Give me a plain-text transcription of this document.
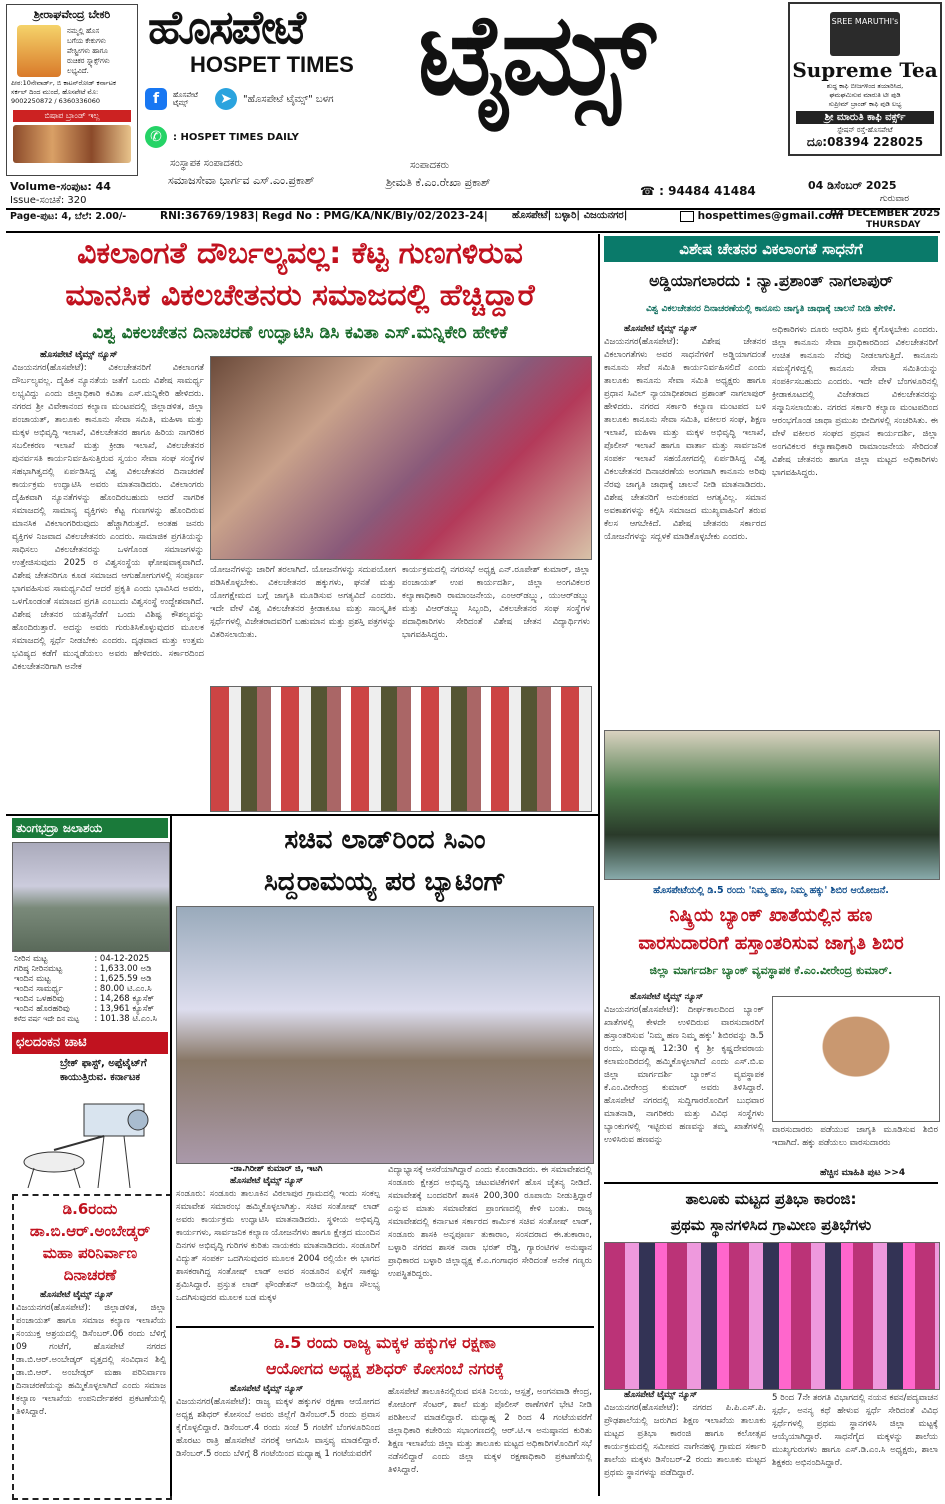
ಶ್ರೀರಾಘವೇಂದ್ರ ಬೇಕರಿ
ನಮ್ಮಲ್ಲಿ ಹೊಸ
ಬಗೆಯ ಕೇಕುಗಳು
ಪೇಸ್ಟ್ರೀಗಳು ಹಾಗೂ
ರುಚಿಕರ ಸ್ನ್ಯಾಕ್ಸ್‌ಗಳು ಲಭ್ಯವಿದೆ.
ಪೀಠ:10ನೇವಾರ್ಡ್, ಬಿ ಕಾಟನ್‌ರೋಡ್ ಕರ್ನಾಟಕ ಸರ್ಕಲ್ ದಿಂದ ಮುಂದೆ, ಹೊಸಪೇಟೆ ಮೊ: 9002250872 / 6360336060
ಬಿಷಾಪ ಬ್ರಾಂಡ್ ಇಲ್ಲ
ಹೊಸಪೇಟೆ
HOSPET TIMES ಟೈಮ್ಸ್
f	ಹೊಸಪೇಟೆ ಟೈಮ್ಸ್	➤	"ಹೊಸಪೇಟೆ ಟೈಮ್ಸ್" ಬಳಗ
✆	: HOSPET TIMES DAILY
ಸಂಸ್ಥಾಪಕ ಸಂಪಾದಕರು
ಸಮಾಜಸೇವಾ ಭಾರ್ಗವ ಎಸ್.ಎಂ.ಪ್ರಕಾಶ್
ಸಂಪಾದಕರು
ಶ್ರೀಮತಿ ಕೆ.ಎಂ.ರೇಖಾ ಪ್ರಕಾಶ್
☎ : 94484 41484
SREE MARUTHI's
Supreme Tea
ಶುದ್ಧ ಕಾಫಿ ಬೀಜಗಳಿಂದ ತಯಾರಿಸಿದ,
ಘಮಘಮಿಸುವ ಮಾರುತಿ ಟೀ ಪುಡಿ
ಸುಪ್ರೀಮ್ ಬ್ರಾಂಡ್ ಕಾಫಿ ಪುಡಿ ಲಭ್ಯ
ಶ್ರೀ ಮಾರುತಿ ಕಾಫಿ ವರ್ಕ್ಸ್
ಸ್ಟೇಷನ್ ರಸ್ತೆ-ಹೊಸಪೇಟೆ
ದೂ:08394 228025
04 ಡಿಸೆಂಬರ್ 2025
ಗುರುವಾರ
Volume-ಸಂಪುಟ: 44
Issue-ಸಂಚಿಕೆ: 320
Page-ಪುಟ: 4, ಬೆಲೆ: 2.00/-	RNI:36769/1983| Regd No : PMG/KA/NK/Bly/02/2023-24| ಹೊಸಪೇಟೆ| ಬಳ್ಳಾರಿ| ವಿಜಯನಗರ|	hospettimes@gmail.com
04 DECEMBER 2025
THURSDAY
ವಿಕಲಾಂಗತೆ ದೌರ್ಬಲ್ಯವಲ್ಲ: ಕೆಟ್ಟ ಗುಣಗಳಿರುವ
ಮಾನಸಿಕ ವಿಕಲಚೇತನರು ಸಮಾಜದಲ್ಲಿ ಹೆಚ್ಚಿದ್ದಾರೆ
ವಿಶ್ವ ವಿಕಲಚೇತನ ದಿನಾಚರಣೆ ಉದ್ಘಾಟಿಸಿ ಡಿಸಿ ಕವಿತಾ ಎಸ್.ಮನ್ನಿಕೇರಿ ಹೇಳಿಕೆ
ಹೊಸಪೇಟೆ ಟೈಮ್ಸ್ ನ್ಯೂಸ್
ವಿಜಯನಗರ(ಹೊಸಪೇಟೆ): ವಿಕಲಚೇತನರಿಗೆ ವಿಕಲಾಂಗತೆ ದೌರ್ಬಲ್ಯವಲ್ಲ. ದೈಹಿಕ ನ್ಯೂನತೆಯ ಜತೆಗೆ ಒಂದು ವಿಶೇಷ ಸಾಮರ್ಥ್ಯ ಲಭ್ಯವಿದ್ದು ಎಂದು ಜಿಲ್ಲಾಧಿಕಾರಿ ಕವಿತಾ ಎಸ್.ಮನ್ನಿಕೇರಿ ಹೇಳಿದರು. ನಗರದ ಶ್ರೀ ವಿವೇಕಾನಂದ ಕಲ್ಯಾಣ ಮಂಟಪದಲ್ಲಿ ಜಿಲ್ಲಾಡಳಿತ, ಜಿಲ್ಲಾ ಪಂಚಾಯತ್, ತಾಲೂಕು ಕಾನೂನು ಸೇವಾ ಸಮಿತಿ, ಮಹಿಳಾ ಮತ್ತು ಮಕ್ಕಳ ಅಭಿವೃದ್ಧಿ ಇಲಾಖೆ, ವಿಕಲಚೇತನರ ಹಾಗೂ ಹಿರಿಯ ನಾಗರಿಕರ ಸಬಲೀಕರಣ ಇಲಾಖೆ ಮತ್ತು ಕ್ರೀಡಾ ಇಲಾಖೆ, ವಿಕಲಚೇತನರ ಪುನರ್ವಸತಿ ಕಾರ್ಯನಿರ್ವಹಿಸುತ್ತಿರುವ ಸ್ವಯಂ ಸೇವಾ ಸಂಘ ಸಂಸ್ಥೆಗಳ ಸಹಭಾಗಿತ್ವದಲ್ಲಿ ಏರ್ಪಡಿಸಿದ್ದ ವಿಶ್ವ ವಿಕಲಚೇತನರ ದಿನಾಚರಣೆ ಕಾರ್ಯಕ್ರಮ ಉದ್ಘಾಟಿಸಿ ಅವರು ಮಾತನಾಡಿದರು. ವಿಕಲಾಂಗರು ದೈಹಿಕವಾಗಿ ನ್ಯೂನತೆಗಳನ್ನು ಹೊಂದಿರಬಹುದು ಆದರೆ ನಾಗರಿಕ ಸಮಾಜದಲ್ಲಿ ಸಾಮಾನ್ಯ ವ್ಯಕ್ತಿಗಳು ಕೆಟ್ಟ ಗುಣಗಳನ್ನು ಹೊಂದಿರುವ ಮಾನಸಿಕ ವಿಕಲಾಂಗರಿರುವುದು ಹೆಚ್ಚಾಗಿರುತ್ತದೆ. ಅಂತಹ ಜನರು ವ್ಯಕ್ತಿಗಳ ನಿಜವಾದ ವಿಕಲಚೇತನರು ಎಂದರು. ಸಾಮಾಜಿಕ ಪ್ರಗತಿಯನ್ನು ಸಾಧಿಸಲು ವಿಕಲಚೇತನರನ್ನು ಒಳಗೊಂಡ ಸಮಾಜಗಳನ್ನು ಉತ್ತೇಜಿಸುವುದು 2025 ರ ವಿಶ್ವಸಂಸ್ಥೆಯ ಘೋಷವಾಕ್ಯವಾಗಿದೆ. ವಿಶೇಷ ಚೇತನರಿಗೂ ಕೂಡ ಸಮಾಜದ ಆಗುಹೋಗುಗಳಲ್ಲಿ ಸಂಪೂರ್ಣ ಭಾಗವಹಿಸುವ ಸಾಮರ್ಥ್ಯವಿದೆ ಆದರೆ ಪ್ರಕೃತಿ ಎಂದು ಭಾವಿಸಿದ ಅವರು, ಒಳಗೊಂಡಂತೆ ಸಮಾಜದ ಪ್ರಗತಿ ಎಂಬುದು ವಿಶ್ವಸಂಸ್ಥೆ ಉದ್ದೇಶವಾಗಿದೆ. ವಿಶೇಷ ಚೇತನರ ಯಶಸ್ಸಿನೆಡೆಗೆ ಒಂದು ವಿಶಿಷ್ಟ ಕೌಶಲ್ಯವನ್ನು ಹೊಂದಿರುತ್ತಾರೆ. ಅದನ್ನು ಅವರು ಗುರುತಿಸಿಕೊಳ್ಳುವುದರ ಮೂಲಕ ಸಮಾಜದಲ್ಲಿ ಸ್ಪರ್ಧೆ ನೀಡಬೇಕು ಎಂದರು. ದೃಢವಾದ ಮತ್ತು ಉತ್ತಮ ಭವಿಷ್ಯದ ಕಡೆಗೆ ಮುನ್ನಡೆಯಲು ಅವರು ಹೇಳಿದರು. ಸರ್ಕಾರದಿಂದ ವಿಕಲಚೇತನರಿಗಾಗಿ ಅನೇಕ
ಯೋಜನೆಗಳನ್ನು ಜಾರಿಗೆ ತರಲಾಗಿದೆ. ಯೋಜನೆಗಳನ್ನು ಸದುಪಯೋಗ ಪಡಿಸಿಕೊಳ್ಳಬೇಕು. ವಿಕಲಚೇತನರ ಹಕ್ಕುಗಳು, ಘನತೆ ಮತ್ತು ಯೋಗಕ್ಷೇಮದ ಬಗ್ಗೆ ಜಾಗೃತಿ ಮೂಡಿಸುವ ಅಗತ್ಯವಿದೆ ಎಂದರು. ಇದೇ ವೇಳೆ ವಿಶ್ವ ವಿಕಲಚೇತನರ ಕ್ರೀಡಾಕೂಟ ಮತ್ತು ಸಾಂಸ್ಕೃತಿಕ ಸ್ಪರ್ಧೆಗಳಲ್ಲಿ ವಿಜೇತರಾದವರಿಗೆ ಬಹುಮಾನ ಮತ್ತು ಪ್ರಶಸ್ತಿ ಪತ್ರಗಳನ್ನು ವಿತರಿಸಲಾಯಿತು.
ಕಾರ್ಯಕ್ರಮದಲ್ಲಿ ನಗರಸಭೆ ಅಧ್ಯಕ್ಷ ಎನ್.ರೂಪೇಶ್ ಕುಮಾರ್, ಜಿಲ್ಲಾ ಪಂಚಾಯತ್ ಉಪ ಕಾರ್ಯದರ್ಶಿ, ಜಿಲ್ಲಾ ಅಂಗವಿಕಲರ ಕಲ್ಯಾಣಾಧಿಕಾರಿ ರಾಮಾಂಜನೇಯ, ಎಂಆರ್‌ಡಬ್ಲ್ಯು, ಯುಆರ್‌ಡಬ್ಲ್ಯು ಮತ್ತು ವಿಆರ್‌ಡಬ್ಲ್ಯು ಸಿಬ್ಬಂದಿ, ವಿಕಲಚೇತನರ ಸಂಘ ಸಂಸ್ಥೆಗಳ ಪದಾಧಿಕಾರಿಗಳು ಸೇರಿದಂತೆ ವಿಶೇಷ ಚೇತನ ವಿದ್ಯಾರ್ಥಿಗಳು ಭಾಗವಹಿಸಿದ್ದರು.
ವಿಶೇಷ ಚೇತನರ ವಿಕಲಾಂಗತೆ ಸಾಧನೆಗೆ
ಅಡ್ಡಿಯಾಗಲಾರದು : ನ್ಯಾ.ಪ್ರಶಾಂತ್ ನಾಗಲಾಪುರ್
ವಿಶ್ವ ವಿಕಲಚೇತನರ ದಿನಾಚರಣೆಯಲ್ಲಿ ಕಾನೂನು ಜಾಗೃತಿ ಜಾಥಾಕ್ಕೆ ಚಾಲನೆ ನೀಡಿ ಹೇಳಿಕೆ.
ಹೊಸಪೇಟೆ ಟೈಮ್ಸ್ ನ್ಯೂಸ್
ವಿಜಯನಗರ(ಹೊಸಪೇಟೆ): ವಿಶೇಷ ಚೇತನರ ವಿಕಲಾಂಗತೆಗಳು ಅವರ ಸಾಧನೆಗಳಿಗೆ ಅಡ್ಡಿಯಾಗದಂತೆ ಕಾನೂನು ಸೇವೆ ಸಮಿತಿ ಕಾರ್ಯನಿರ್ವಹಿಸಲಿದೆ ಎಂದು ತಾಲೂಕು ಕಾನೂನು ಸೇವಾ ಸಮಿತಿ ಅಧ್ಯಕ್ಷರು ಹಾಗೂ ಪ್ರಧಾನ ಸಿವಿಲ್ ನ್ಯಾಯಾಧೀಶರಾದ ಪ್ರಶಾಂತ್ ನಾಗಲಾಪುರ್ ಹೇಳಿದರು. ನಗರದ ಸರ್ಕಾರಿ ಕಲ್ಯಾಣ ಮಂಟಪದ ಬಳಿ ತಾಲೂಕು ಕಾನೂನು ಸೇವಾ ಸಮಿತಿ, ವಕೀಲರ ಸಂಘ, ಶಿಕ್ಷಣ ಇಲಾಖೆ, ಮಹಿಳಾ ಮತ್ತು ಮಕ್ಕಳ ಅಭಿವೃದ್ಧಿ ಇಲಾಖೆ, ಪೊಲೀಸ್ ಇಲಾಖೆ ಹಾಗೂ ವಾರ್ತಾ ಮತ್ತು ಸಾರ್ವಜನಿಕ ಸಂಪರ್ಕ ಇಲಾಖೆ ಸಹಯೋಗದಲ್ಲಿ ಏರ್ಪಡಿಸಿದ್ದ ವಿಶ್ವ ವಿಕಲಚೇತನರ ದಿನಾಚರಣೆಯ ಅಂಗವಾಗಿ ಕಾನೂನು ಅರಿವು ನೆರವು ಜಾಗೃತಿ ಜಾಥಾಕ್ಕೆ ಚಾಲನೆ ನೀಡಿ ಮಾತನಾಡಿದರು. ವಿಶೇಷ ಚೇತನರಿಗೆ ಅನುಕಂಪದ ಅಗತ್ಯವಿಲ್ಲ. ಸಮಾನ ಅವಕಾಶಗಳನ್ನು ಕಲ್ಪಿಸಿ ಸಮಾಜದ ಮುಖ್ಯವಾಹಿನಿಗೆ ತರುವ ಕೆಲಸ ಆಗಬೇಕಿದೆ. ವಿಶೇಷ ಚೇತನರು ಸರ್ಕಾರದ ಯೋಜನೆಗಳನ್ನು ಸದ್ಬಳಕೆ ಮಾಡಿಕೊಳ್ಳಬೇಕು ಎಂದರು.
ಅಧಿಕಾರಿಗಳು ದೂರು ಆಧರಿಸಿ ಕ್ರಮ ಕೈಗೊಳ್ಳಬೇಕು ಎಂದರು. ಜಿಲ್ಲಾ ಕಾನೂನು ಸೇವಾ ಪ್ರಾಧಿಕಾರದಿಂದ ವಿಕಲಚೇತನರಿಗೆ ಉಚಿತ ಕಾನೂನು ನೆರವು ನೀಡಲಾಗುತ್ತಿದೆ. ಕಾನೂನು ಸಮಸ್ಯೆಗಳಿದ್ದಲ್ಲಿ ಕಾನೂನು ಸೇವಾ ಸಮಿತಿಯನ್ನು ಸಂಪರ್ಕಿಸಬಹುದು ಎಂದರು. ಇದೇ ವೇಳೆ ಬೆಂಗಳೂರಿನಲ್ಲಿ ಕ್ರೀಡಾಕೂಟದಲ್ಲಿ ವಿಜೇತರಾದ ವಿಕಲಚೇತನರನ್ನು ಸನ್ಮಾನಿಸಲಾಯಿತು. ನಗರದ ಸರ್ಕಾರಿ ಕಲ್ಯಾಣ ಮಂಟಪದಿಂದ ಆರಂಭಗೊಂಡ ಜಾಥಾ ಪ್ರಮುಖ ಬೀದಿಗಳಲ್ಲಿ ಸಂಚರಿಸಿತು. ಈ ವೇಳೆ ವಕೀಲರ ಸಂಘದ ಪ್ರಧಾನ ಕಾರ್ಯದರ್ಶಿ, ಜಿಲ್ಲಾ ಅಂಗವಿಕಲರ ಕಲ್ಯಾಣಾಧಿಕಾರಿ ರಾಮಾಂಜನೇಯ ಸೇರಿದಂತೆ ವಿಶೇಷ ಚೇತನರು ಹಾಗೂ ಜಿಲ್ಲಾ ಮಟ್ಟದ ಅಧಿಕಾರಿಗಳು ಭಾಗವಹಿಸಿದ್ದರು.
ಹೊಸಪೇಟೆಯಲ್ಲಿ ಡಿ.5 ರಂದು 'ನಿಮ್ಮ ಹಣ, ನಿಮ್ಮ ಹಕ್ಕು' ಶಿಬಿರ ಆಯೋಜನೆ.
ನಿಷ್ಕ್ರಿಯ ಬ್ಯಾಂಕ್ ಖಾತೆಯಲ್ಲಿನ ಹಣ
ವಾರಸುದಾರರಿಗೆ ಹಸ್ತಾಂತರಿಸುವ ಜಾಗೃತಿ ಶಿಬಿರ
ಜಿಲ್ಲಾ ಮಾರ್ಗದರ್ಶಿ ಬ್ಯಾಂಕ್ ವ್ಯವಸ್ಥಾಪಕ ಕೆ.ಎಂ.ವೀರೇಂದ್ರ ಕುಮಾರ್.
ಹೊಸಪೇಟೆ ಟೈಮ್ಸ್ ನ್ಯೂಸ್
ವಿಜಯನಗರ(ಹೊಸಪೇಟೆ): ದೀರ್ಘಕಾಲದಿಂದ ಬ್ಯಾಂಕ್ ಖಾತೆಗಳಲ್ಲಿ ಕೇಳದೇ ಉಳಿದಿರುವ ವಾರಸುದಾರರಿಗೆ ಹಸ್ತಾಂತರಿಸುವ 'ನಿಮ್ಮ ಹಣ ನಿಮ್ಮ ಹಕ್ಕು' ಶಿಬಿರವನ್ನು ಡಿ.5 ರಂದು, ಮಧ್ಯಾಹ್ನ 12:30 ಕ್ಕೆ ಶ್ರೀ ಕೃಷ್ಣದೇವರಾಯ ಕಲಾಮಂದಿರದಲ್ಲಿ ಹಮ್ಮಿಕೊಳ್ಳಲಾಗಿದೆ ಎಂದು ಎಸ್.ಬಿ.ಐ ಜಿಲ್ಲಾ ಮಾರ್ಗದರ್ಶಿ ಬ್ಯಾಂಕ್‌ನ ವ್ಯವಸ್ಥಾಪಕ ಕೆ.ಎಂ.ವೀರೇಂದ್ರ ಕುಮಾರ್ ಅವರು ತಿಳಿಸಿದ್ದಾರೆ. ಹೊಸಪೇಟೆ ನಗರದಲ್ಲಿ ಸುದ್ದಿಗಾರರೊಂದಿಗೆ ಬುಧವಾರ ಮಾತನಾಡಿ, ನಾಗರಿಕರು ಮತ್ತು ವಿವಿಧ ಸಂಸ್ಥೆಗಳು ಬ್ಯಾಂಕುಗಳಲ್ಲಿ ಇಟ್ಟಿರುವ ಹಣವನ್ನು ತಮ್ಮ ಖಾತೆಗಳಲ್ಲಿ ಉಳಿಸಿರುವ ಹಣವನ್ನು
ವಾರಸುದಾರರು ಪಡೆಯುವ ಜಾಗೃತಿ ಮೂಡಿಸುವ ಶಿಬಿರ ಇದಾಗಿದೆ. ಹಕ್ಕು ಪಡೆಯಲು ವಾರಸುದಾರರು
ಹೆಚ್ಚಿನ ಮಾಹಿತಿ ಪುಟ >>4
ತಾಲೂಕು ಮಟ್ಟದ ಪ್ರತಿಭಾ ಕಾರಂಜಿ:
ಪ್ರಥಮ ಸ್ಥಾನಗಳಿಸಿದ ಗ್ರಾಮೀಣ ಪ್ರತಿಭೆಗಳು
ಹೊಸಪೇಟೆ ಟೈಮ್ಸ್ ನ್ಯೂಸ್
ವಿಜಯನಗರ(ಹೊಸಪೇಟೆ): ನಗರದ ಪಿ.ಪಿ.ಎಸ್.ಪಿ. ಪ್ರೌಢಶಾಲೆಯಲ್ಲಿ ಜರುಗಿದ ಶಿಕ್ಷಣ ಇಲಾಖೆಯ ತಾಲೂಕು ಮಟ್ಟದ ಪ್ರತಿಭಾ ಕಾರಂಜಿ ಹಾಗೂ ಕಲೋತ್ಸವ ಕಾರ್ಯಕ್ರಮದಲ್ಲಿ ಸಮೀಪದ ನಾಗೇನಹಳ್ಳಿ ಗ್ರಾಮದ ಸರ್ಕಾರಿ ಶಾಲೆಯ ಮಕ್ಕಳು ಡಿಸೆಂಬರ್-2 ರಂದು ತಾಲೂಕು ಮಟ್ಟದ ಪ್ರಥಮ ಸ್ಥಾನಗಳನ್ನು ಪಡೆದಿದ್ದಾರೆ.
5 ರಿಂದ 7ನೇ ತರಗತಿ ವಿಭಾಗದಲ್ಲಿ ನಯನ ಕವನ/ಪದ್ಯವಾಚನ ಸ್ಪರ್ಧೆ, ಅನನ್ಯ ಕಥೆ ಹೇಳುವ ಸ್ಪರ್ಧೆ ಸೇರಿದಂತೆ ವಿವಿಧ ಸ್ಪರ್ಧೆಗಳಲ್ಲಿ ಪ್ರಥಮ ಸ್ಥಾನಗಳಿಸಿ ಜಿಲ್ಲಾ ಮಟ್ಟಕ್ಕೆ ಆಯ್ಕೆಯಾಗಿದ್ದಾರೆ. ಸಾಧನೆಗೈದ ಮಕ್ಕಳನ್ನು ಶಾಲೆಯ ಮುಖ್ಯಗುರುಗಳು ಹಾಗೂ ಎಸ್.ಡಿ.ಎಂ.ಸಿ ಅಧ್ಯಕ್ಷರು, ಶಾಲಾ ಶಿಕ್ಷಕರು ಅಭಿನಂದಿಸಿದ್ದಾರೆ.
ತುಂಗಭದ್ರಾ ಜಲಾಶಯ
ನೀರಿನ ಮಟ್ಟ	: 04-12-2025
ಗರಿಷ್ಠ ನೀರಿನಮಟ್ಟ	: 1,633.00 ಅಡಿ
ಇಂದಿನ ಮಟ್ಟ	: 1,625.59 ಅಡಿ
ಇಂದಿನ ಸಾಮರ್ಥ್ಯ	: 80.00 ಟಿ.ಎಂ.ಸಿ
ಇಂದಿನ ಒಳಹರಿವು	: 14,268 ಕ್ಯೂಸೆಕ್
ಇಂದಿನ ಹೊರಹರಿವು	: 13,961 ಕ್ಯೂಸೆಕ್
ಕಳೆದ ವರ್ಷ ಇದೇ ದಿನ ಮಟ್ಟ	: 101.38 ಟಿ.ಎಂ.ಸಿ
ಛಲದಂಕನ ಚಾಟಿ
ಬ್ರೇಕ್ ಫಾಸ್ಟ್, ಅಪ್ಪೆಟೈಟ್‌ಗೆ
ಕಾಯುತ್ತಿರುವ. ಕರ್ನಾಟಕ
ಡಿ.6ರಂದು
ಡಾ.ಬಿ.ಆರ್.ಅಂಬೇಡ್ಕರ್
ಮಹಾ ಪರಿನಿರ್ವಾಣ
ದಿನಾಚರಣೆ
ಹೊಸಪೇಟೆ ಟೈಮ್ಸ್ ನ್ಯೂಸ್
ವಿಜಯನಗರ(ಹೊಸಪೇಟೆ): ಜಿಲ್ಲಾಡಳಿತ, ಜಿಲ್ಲಾ ಪಂಚಾಯತ್ ಹಾಗೂ ಸಮಾಜ ಕಲ್ಯಾಣ ಇಲಾಖೆಯ ಸಂಯುಕ್ತ ಆಶ್ರಯದಲ್ಲಿ ಡಿಸೆಂಬರ್.06 ರಂದು ಬೆಳಿಗ್ಗೆ 09 ಗಂಟೆಗೆ, ಹೊಸಪೇಟೆ ನಗರದ ಡಾ.ಬಿ.ಆರ್.ಅಂಬೇಡ್ಕರ್ ವೃತ್ತದಲ್ಲಿ ಸಂವಿಧಾನ ಶಿಲ್ಪಿ ಡಾ.ಬಿ.ಆರ್. ಅಂಬೇಡ್ಕರ್ ಮಹಾ ಪರಿನಿರ್ವಾಣ ದಿನಾಚರಣೆಯನ್ನು ಹಮ್ಮಿಕೊಳ್ಳಲಾಗಿದೆ ಎಂದು ಸಮಾಜ ಕಲ್ಯಾಣ ಇಲಾಖೆಯ ಉಪನಿರ್ದೇಶಕರ ಪ್ರಕಟಣೆಯಲ್ಲಿ ತಿಳಿಸಿದ್ದಾರೆ.
ಸಚಿವ ಲಾಡ್‌ರಿಂದ ಸಿಎಂ
ಸಿದ್ದರಾಮಯ್ಯ ಪರ ಬ್ಯಾಟಿಂಗ್
-ಡಾ.ಗಿರೀಶ್ ಕುಮಾರ್ ಜಿ, ಇಟಗಿ
ಹೊಸಪೇಟೆ ಟೈಮ್ಸ್ ನ್ಯೂಸ್
ಸಂಡೂರು: ಸಂಡೂರು ತಾಲೂಕಿನ ವಿಠಲಾಪುರ ಗ್ರಾಮದಲ್ಲಿ ಇಂದು ಸಂಕಲ್ಪ ಸಮಾವೇಶ ಸಮಾರಂಭ ಹಮ್ಮಿಕೊಳ್ಳಲಾಗಿತ್ತು. ಸಚಿವ ಸಂತೋಷ್ ಲಾಡ್ ಅವರು ಕಾರ್ಯಕ್ರಮ ಉದ್ಘಾಟಿಸಿ ಮಾತನಾಡಿದರು. ಸ್ಥಳೀಯ ಅಭಿವೃದ್ಧಿ ಕಾರ್ಯಗಳು, ಸಾರ್ವಜನಿಕ ಕಲ್ಯಾಣ ಯೋಜನೆಗಳು ಹಾಗೂ ಕ್ಷೇತ್ರದ ಮುಂದಿನ ದಿನಗಳ ಅಭಿವೃದ್ಧಿ ಗುರಿಗಳ ಕುರಿತು ನಾಯಕರು ಮಾತನಾಡಿದರು. ಸಂಡೂರಿಗೆ ವಿದ್ಯುತ್ ಸಂಪರ್ಕ ಒದಗಿಸುವುದರ ಮೂಲಕ 2004 ರಲ್ಲಿಯೇ ಈ ಭಾಗದ ಶಾಸಕರಾಗಿದ್ದ ಸಂತೋಷ್ ಲಾಡ್ ಅವರ ಸಂಡೂರಿನ ಏಳ್ಗೆಗೆ ಸಾಕಷ್ಟು ಶ್ರಮಿಸಿದ್ದಾರೆ. ಪ್ರಸ್ತುತ ಲಾಡ್ ಫೌಂಡೇಶನ್ ಅಡಿಯಲ್ಲಿ ಶಿಕ್ಷಣ ಸೌಲಭ್ಯ ಒದಗಿಸುವುದರ ಮೂಲಕ ಬಡ ಮಕ್ಕಳ
ವಿದ್ಯಾಭ್ಯಾಸಕ್ಕೆ ಆಸರೆಯಾಗಿದ್ದಾರೆ ಎಂದು ಕೊಂಡಾಡಿದರು. ಈ ಸಮಾವೇಶದಲ್ಲಿ ಸಂಡೂರು ಕ್ಷೇತ್ರದ ಅಭಿವೃದ್ಧಿ ಚಟುವಟಿಕೆಗಳಿಗೆ ಹೊಸ ಚೈತನ್ಯ ನೀಡಿದೆ. ಸಮಾವೇಶಕ್ಕೆ ಬಂದವರಿಗೆ ಶಾಸಕಿ 200,300 ರೂಪಾಯಿ ನೀಡುತ್ತಿದ್ದಾರೆ ಎನ್ನುವ ಮಾತು ಸಮಾವೇಶದ ಪ್ರಾಂಗಣದಲ್ಲಿ ಕೇಳಿ ಬಂತು. ರಾಜ್ಯ ಸಮಾವೇಶದಲ್ಲಿ ಕರ್ನಾಟಕ ಸರ್ಕಾರದ ಕಾರ್ಮಿಕ ಸಚಿವ ಸಂತೋಷ್ ಲಾಡ್, ಸಂಡೂರು ಶಾಸಕಿ ಅನ್ನಪೂರ್ಣ ತುಕಾರಾಂ, ಸಂಸದರಾದ ಈ.ತುಕಾರಾಂ, ಬಳ್ಳಾರಿ ನಗರದ ಶಾಸಕ ನಾರಾ ಭರತ್ ರೆಡ್ಡಿ, ಗ್ಯಾರಂಟಿಗಳ ಅನುಷ್ಠಾನ ಪ್ರಾಧಿಕಾರದ ಬಳ್ಳಾರಿ ಜಿಲ್ಲಾಧ್ಯಕ್ಷ ಕೆ.ಎ.ಗಂಗಾಧರ ಸೇರಿದಂತೆ ಅನೇಕ ಗಣ್ಯರು ಉಪಸ್ಥಿತರಿದ್ದರು.
ಡಿ.5 ರಂದು ರಾಜ್ಯ ಮಕ್ಕಳ ಹಕ್ಕುಗಳ ರಕ್ಷಣಾ
ಆಯೋಗದ ಅಧ್ಯಕ್ಷ ಶಶಿಧರ್ ಕೋಸಂಬೆ ನಗರಕ್ಕೆ
ಹೊಸಪೇಟೆ ಟೈಮ್ಸ್ ನ್ಯೂಸ್
ವಿಜಯನಗರ(ಹೊಸಪೇಟೆ): ರಾಜ್ಯ ಮಕ್ಕಳ ಹಕ್ಕುಗಳ ರಕ್ಷಣಾ ಆಯೋಗದ ಅಧ್ಯಕ್ಷ ಶಶಿಧರ್ ಕೋಸಂಬೆ ಅವರು ಜಿಲ್ಲೆಗೆ ಡಿಸೆಂಬರ್.5 ರಂದು ಪ್ರವಾಸ ಕೈಗೊಳ್ಳಲಿದ್ದಾರೆ. ಡಿಸೆಂಬರ್.4 ರಂದು ಸಂಜೆ 5 ಗಂಟೆಗೆ ಬೆಂಗಳೂರಿನಿಂದ ಹೊರಟು ರಾತ್ರಿ ಹೊಸಪೇಟೆ ನಗರಕ್ಕೆ ಆಗಮಿಸಿ ವಾಸ್ತವ್ಯ ಮಾಡಲಿದ್ದಾರೆ. ಡಿಸೆಂಬರ್.5 ರಂದು ಬೆಳಿಗ್ಗೆ 8 ಗಂಟೆಯಿಂದ ಮಧ್ಯಾಹ್ನ 1 ಗಂಟೆಯವರೆಗೆ
ಹೊಸಪೇಟೆ ತಾಲೂಕಿನಲ್ಲಿರುವ ವಸತಿ ನಿಲಯ, ಆಸ್ಪತ್ರೆ, ಅಂಗನವಾಡಿ ಕೇಂದ್ರ, ಕೋಚಿಂಗ್ ಸೆಂಟರ್, ಶಾಲೆ ಮತ್ತು ಪೊಲೀಸ್ ಠಾಣೆಗಳಿಗೆ ಭೇಟಿ ನೀಡಿ ಪರಿಶೀಲನೆ ಮಾಡಲಿದ್ದಾರೆ. ಮಧ್ಯಾಹ್ನ 2 ರಿಂದ 4 ಗಂಟೆಯವರೆಗೆ ಜಿಲ್ಲಾಧಿಕಾರಿ ಕಚೇರಿಯ ಸಭಾಂಗಣದಲ್ಲಿ ಆರ್.ಟಿ.ಇ ಅನುಷ್ಠಾನದ ಕುರಿತು ಶಿಕ್ಷಣ ಇಲಾಖೆಯ ಜಿಲ್ಲಾ ಮತ್ತು ತಾಲೂಕು ಮಟ್ಟದ ಅಧಿಕಾರಿಗಳೊಂದಿಗೆ ಸಭೆ ನಡೆಸಲಿದ್ದಾರೆ ಎಂದು ಜಿಲ್ಲಾ ಮಕ್ಕಳ ರಕ್ಷಣಾಧಿಕಾರಿ ಪ್ರಕಟಣೆಯಲ್ಲಿ ತಿಳಿಸಿದ್ದಾರೆ.
